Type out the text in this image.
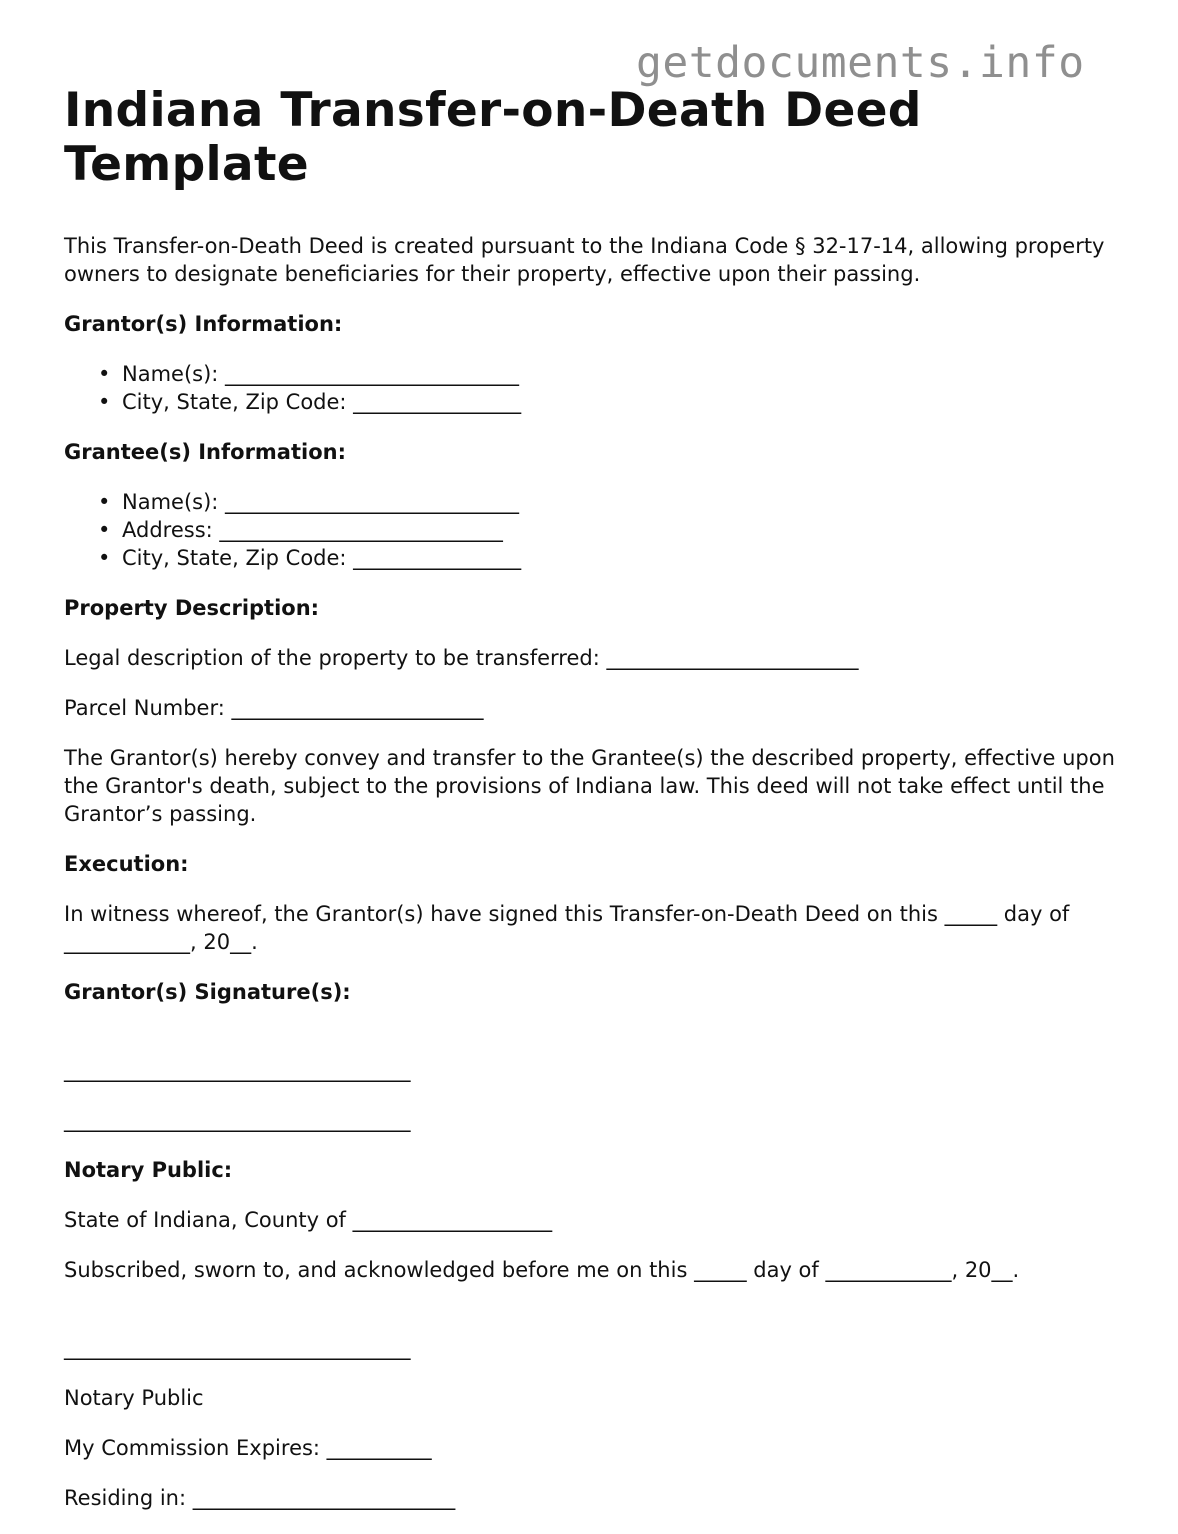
getdocuments.info
Indiana Transfer-on-Death Deed Template

This Transfer-on-Death Deed is created pursuant to the Indiana Code § 32-17-14, allowing property owners to designate beneficiaries for their property, effective upon their passing.

Grantor(s) Information:

• Name(s): ____________________________
• City, State, Zip Code: ________________

Grantee(s) Information:

• Name(s): ____________________________
• Address: ___________________________
• City, State, Zip Code: ________________

Property Description:

Legal description of the property to be transferred: ________________________

Parcel Number: ________________________

The Grantor(s) hereby convey and transfer to the Grantee(s) the described property, effective upon the Grantor's death, subject to the provisions of Indiana law. This deed will not take effect until the Grantor’s passing.

Execution:

In witness whereof, the Grantor(s) have signed this Transfer-on-Death Deed on this _____ day of ____________, 20__.

Grantor(s) Signature(s):

_________________________________

_________________________________

Notary Public:

State of Indiana, County of ___________________

Subscribed, sworn to, and acknowledged before me on this _____ day of ____________, 20__.

_________________________________

Notary Public

My Commission Expires: __________

Residing in: _________________________
